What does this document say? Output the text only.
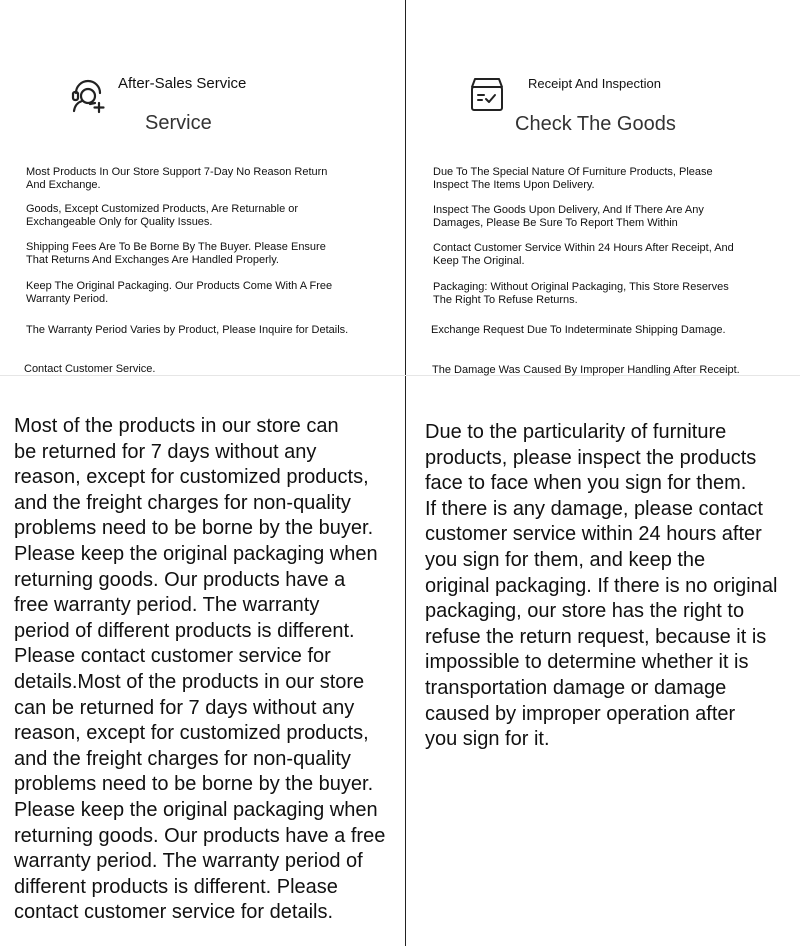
After-Sales Service
Service
Most Products In Our Store Support 7-Day No Reason Return
And Exchange.
Goods, Except Customized Products, Are Returnable or
Exchangeable Only for Quality Issues.
Shipping Fees Are To Be Borne By The Buyer. Please Ensure
That Returns And Exchanges Are Handled Properly.
Keep The Original Packaging. Our Products Come With A Free
Warranty Period.
The Warranty Period Varies by Product, Please Inquire for Details.
Contact Customer Service.
Most of the products in our store can
be returned for 7 days without any
reason, except for customized products,
and the freight charges for non-quality
problems need to be borne by the buyer.
Please keep the original packaging when
returning goods. Our products have a
free warranty period. The warranty
period of different products is different.
Please contact customer service for
details.Most of the products in our store
can be returned for 7 days without any
reason, except for customized products,
and the freight charges for non-quality
problems need to be borne by the buyer.
Please keep the original packaging when
returning goods. Our products have a free
warranty period. The warranty period of
different products is different. Please
contact customer service for details.
Receipt And Inspection
Check The Goods
Due To The Special Nature Of Furniture Products, Please
Inspect The Items Upon Delivery.
Inspect The Goods Upon Delivery, And If There Are Any
Damages, Please Be Sure To Report Them Within
Contact Customer Service Within 24 Hours After Receipt, And
Keep The Original.
Packaging: Without Original Packaging, This Store Reserves
The Right To Refuse Returns.
Exchange Request Due To Indeterminate Shipping Damage.
The Damage Was Caused By Improper Handling After Receipt.
Due to the particularity of furniture
products, please inspect the products
face to face when you sign for them.
If there is any damage, please contact
customer service within 24 hours after
you sign for them, and keep the
original packaging. If there is no original
packaging, our store has the right to
refuse the return request, because it is
impossible to determine whether it is
transportation damage or damage
caused by improper operation after
you sign for it.
